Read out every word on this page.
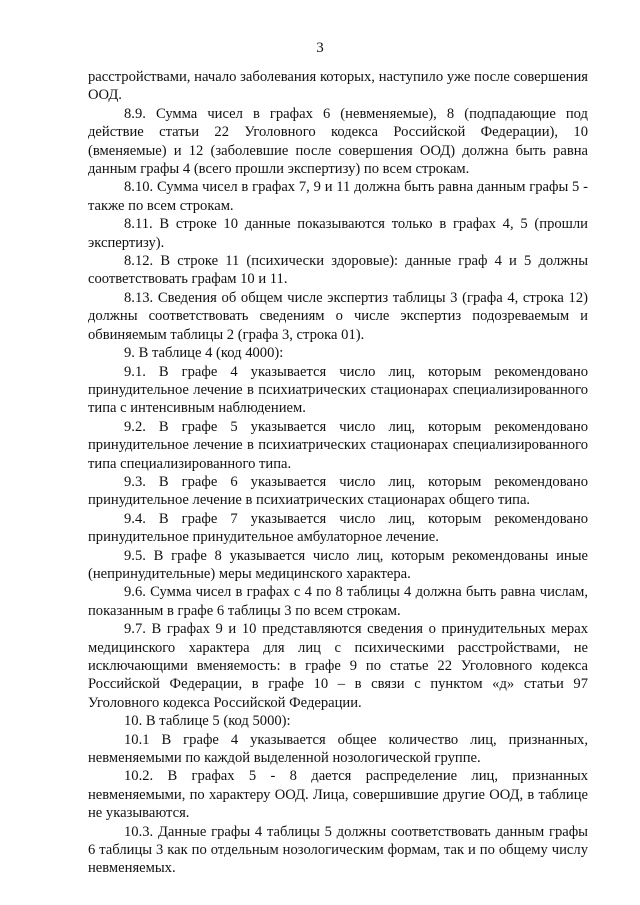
3

расстройствами, начало заболевания которых, наступило уже после совершения ООД.

8.9. Сумма чисел в графах 6 (невменяемые), 8 (подпадающие под действие статьи 22 Уголовного кодекса Российской Федерации), 10 (вменяемые) и 12 (заболевшие после совершения ООД) должна быть равна данным графы 4 (всего прошли экспертизу) по всем строкам.

8.10. Сумма чисел в графах 7, 9 и 11 должна быть равна данным графы 5 - также по всем строкам.

8.11. В строке 10 данные показываются только в графах 4, 5 (прошли экспертизу).

8.12. В строке 11 (психически здоровые): данные граф 4 и 5 должны соответствовать графам 10 и 11.

8.13. Сведения об общем числе экспертиз таблицы 3 (графа 4, строка 12) должны соответствовать сведениям о числе экспертиз подозреваемым и обвиняемым таблицы 2 (графа 3, строка 01).

9. В таблице 4 (код 4000):

9.1. В графе 4 указывается число лиц, которым рекомендовано принудительное лечение в психиатрических стационарах специализированного типа с интенсивным наблюдением.

9.2. В графе 5 указывается число лиц, которым рекомендовано принудительное лечение в психиатрических стационарах специализированного типа специализированного типа.

9.3. В графе 6 указывается число лиц, которым рекомендовано принудительное лечение в психиатрических стационарах общего типа.

9.4. В графе 7 указывается число лиц, которым рекомендовано принудительное принудительное амбулаторное лечение.

9.5. В графе 8 указывается число лиц, которым рекомендованы иные (непринудительные) меры медицинского характера.

9.6. Сумма чисел в графах с 4 по 8 таблицы 4 должна быть равна числам, показанным в графе 6 таблицы 3 по всем строкам.

9.7. В графах 9 и 10 представляются сведения о принудительных мерах медицинского характера для лиц с психическими расстройствами, не исключающими вменяемость: в графе 9 по статье 22 Уголовного кодекса Российской Федерации, в графе 10 – в связи с пунктом «д» статьи 97 Уголовного кодекса Российской Федерации.

10. В таблице 5 (код 5000):

10.1 В графе 4 указывается общее количество лиц, признанных, невменяемыми по каждой выделенной нозологической группе.

10.2. В графах 5 - 8 дается распределение лиц, признанных невменяемыми, по характеру ООД. Лица, совершившие другие ООД, в таблице не указываются.

10.3. Данные графы 4 таблицы 5 должны соответствовать данным графы 6 таблицы 3 как по отдельным нозологическим формам, так и по общему числу невменяемых.
